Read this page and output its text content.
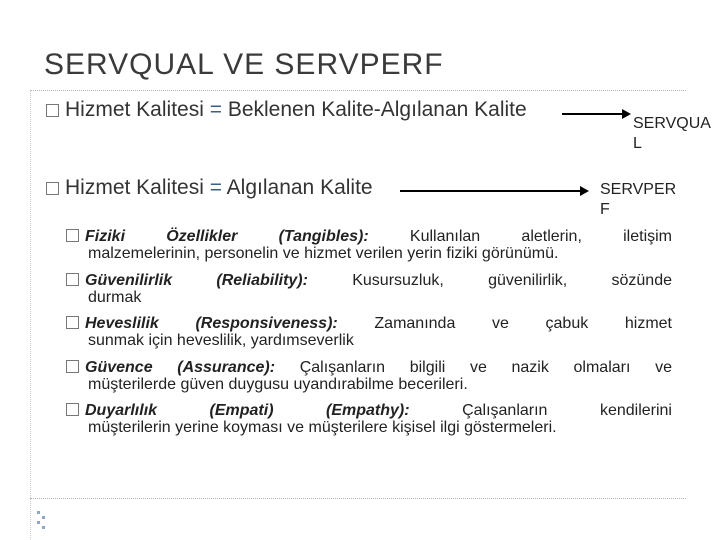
SERVQUAL VE SERVPERF
Hizmet Kalitesi = Beklenen Kalite-Algılanan Kalite
SERVQUA
L
Hizmet Kalitesi = Algılanan Kalite	SERVPER
F
Fiziki Özellikler (Tangibles):	Kullanılan aletlerin, iletişim
malzemelerinin, personelin ve hizmet verilen yerin fiziki görünümü.
Güvenilirlik (Reliability):	Kusursuzluk, güvenilirlik, sözünde
durmak
Heveslilik (Responsiveness): Zamanında ve çabuk hizmet
sunmak için heveslilik, yardımseverlik
Güvence (Assurance): Çalışanların bilgili ve nazik olmaları ve
müşterilerde güven duygusu uyandırabilme becerileri.
Duyarlılık (Empati) (Empathy):	Çalışanların kendilerini
müşterilerin yerine koyması ve müşterilere kişisel ilgi göstermeleri.
